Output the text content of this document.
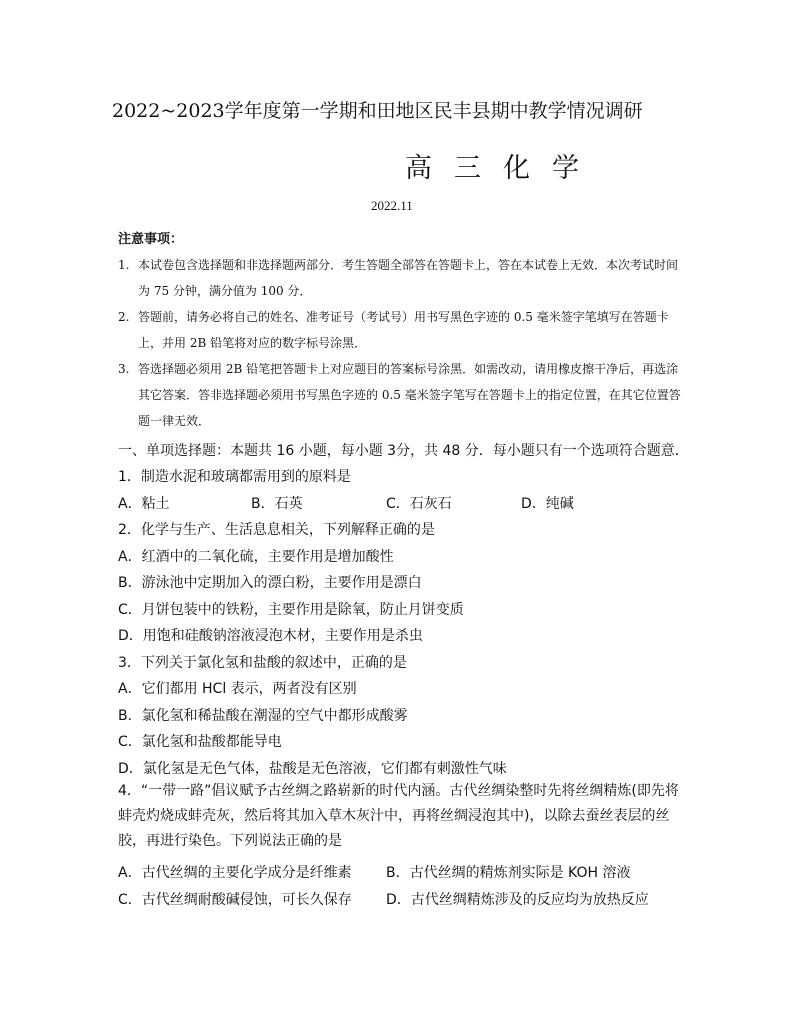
2022~2023学年度第一学期和田地区民丰县期中教学情况调研
高 三 化 学
2022.11
注意事项：
1. 本试卷包含选择题和非选择题两部分．考生答题全部答在答题卡上，答在本试卷上无效．本次考试时间为 75 分钟，满分值为 100 分．
2. 答题前，请务必将自己的姓名、准考证号（考试号）用书写黑色字迹的 0.5 毫米签字笔填写在答题卡上，并用 2B 铅笔将对应的数字标号涂黑．
3. 答选择题必须用 2B 铅笔把答题卡上对应题目的答案标号涂黑．如需改动，请用橡皮擦干净后，再选涂其它答案．答非选择题必须用书写黑色字迹的 0.5 毫米签字笔写在答题卡上的指定位置，在其它位置答题一律无效．
一、单项选择题：本题共 16 小题，每小题 3分，共 48 分．每小题只有一个选项符合题意．
1．制造水泥和玻璃都需用到的原料是
A．粘土	B．石英	C．石灰石	D．纯碱
2．化学与生产、生活息息相关，下列解释正确的是
A．红酒中的二氧化硫，主要作用是增加酸性
B．游泳池中定期加入的漂白粉，主要作用是漂白
C．月饼包装中的铁粉，主要作用是除氧，防止月饼变质
D．用饱和硅酸钠溶液浸泡木材，主要作用是杀虫
3．下列关于氯化氢和盐酸的叙述中，正确的是
A．它们都用 HCl 表示，两者没有区别
B．氯化氢和稀盐酸在潮湿的空气中都形成酸雾
C．氯化氢和盐酸都能导电
D．氯化氢是无色气体，盐酸是无色溶液，它们都有刺激性气味
4．“一带一路”倡议赋予古丝绸之路崭新的时代内涵。古代丝绸染整时先将丝绸精炼(即先将蚌壳灼烧成蚌壳灰，然后将其加入草木灰汁中，再将丝绸浸泡其中)，以除去蚕丝表层的丝胶，再进行染色。下列说法正确的是
A．古代丝绸的主要化学成分是纤维素 B．古代丝绸的精炼剂实际是 KOH 溶液
C．古代丝绸耐酸碱侵蚀，可长久保存 D．古代丝绸精炼涉及的反应均为放热反应
